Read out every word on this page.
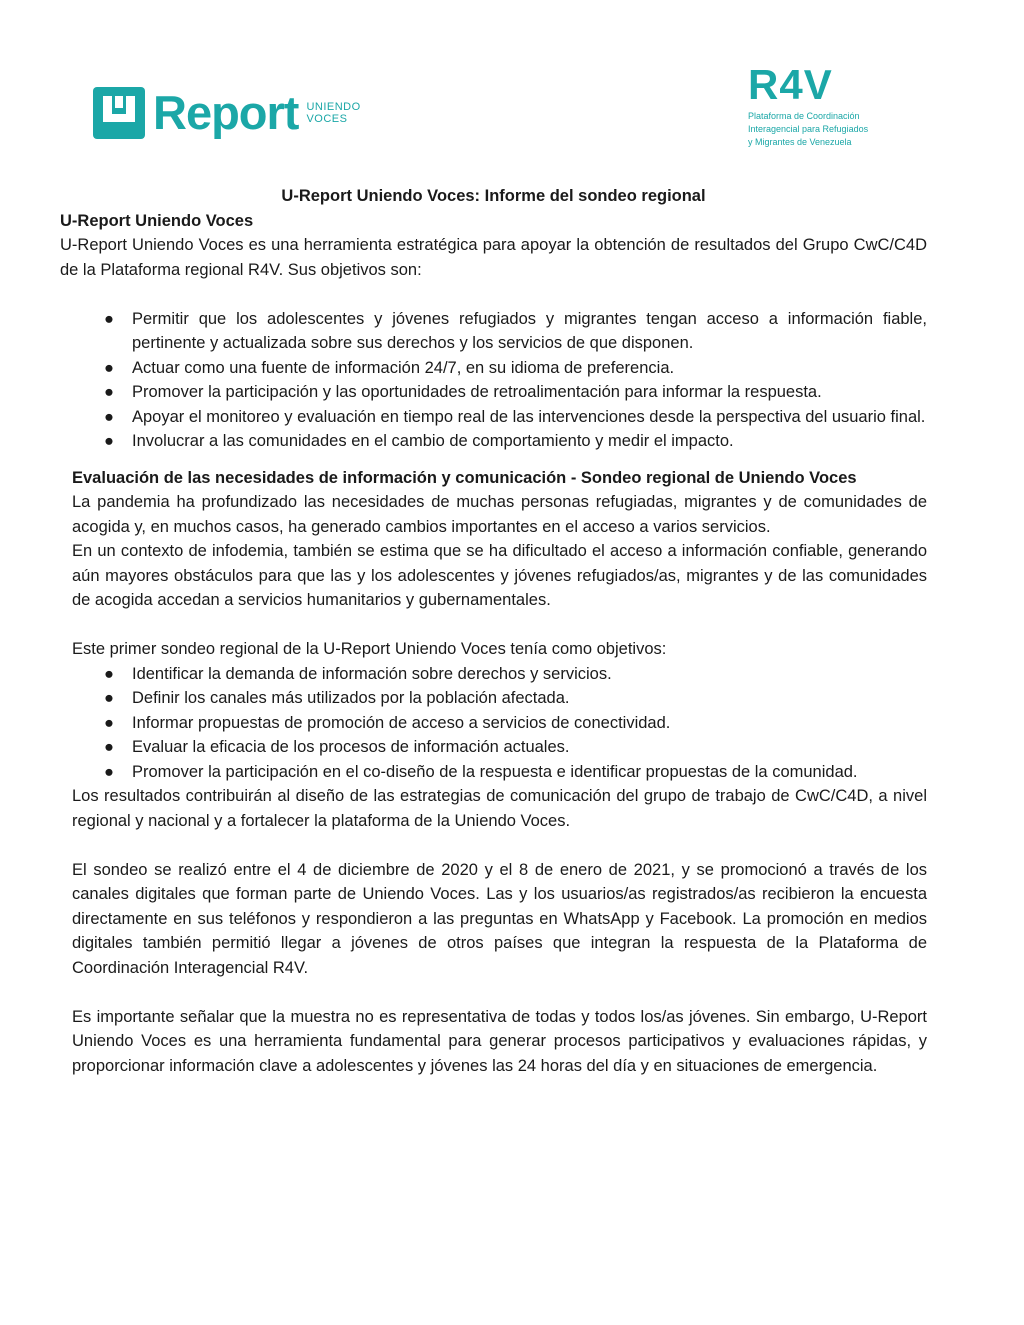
Report UNIENDO
VOCES
R4V
Plataforma de Coordinación
Interagencial para Refugiados
y Migrantes de Venezuela
U-Report Uniendo Voces: Informe del sondeo regional
U-Report Uniendo Voces

U-Report Uniendo Voces es una herramienta estratégica para apoyar la obtención de resultados del Grupo CwC/C4D de la Plataforma regional R4V. Sus objetivos son:

● Permitir que los adolescentes y jóvenes refugiados y migrantes tengan acceso a información fiable, pertinente y actualizada sobre sus derechos y los servicios de que disponen.
● Actuar como una fuente de información 24/7, en su idioma de preferencia.
● Promover la participación y las oportunidades de retroalimentación para informar la respuesta.
● Apoyar el monitoreo y evaluación en tiempo real de las intervenciones desde la perspectiva del usuario final.
● Involucrar a las comunidades en el cambio de comportamiento y medir el impacto.
Evaluación de las necesidades de información y comunicación - Sondeo regional de Uniendo Voces

La pandemia ha profundizado las necesidades de muchas personas refugiadas, migrantes y de comunidades de acogida y, en muchos casos, ha generado cambios importantes en el acceso a varios servicios.

En un contexto de infodemia, también se estima que se ha dificultado el acceso a información confiable, generando aún mayores obstáculos para que las y los adolescentes y jóvenes refugiados/as, migrantes y de las comunidades de acogida accedan a servicios humanitarios y gubernamentales.

Este primer sondeo regional de la U-Report Uniendo Voces tenía como objetivos:

● Identificar la demanda de información sobre derechos y servicios.
● Definir los canales más utilizados por la población afectada.
● Informar propuestas de promoción de acceso a servicios de conectividad.
● Evaluar la eficacia de los procesos de información actuales.
● Promover la participación en el co-diseño de la respuesta e identificar propuestas de la comunidad.

Los resultados contribuirán al diseño de las estrategias de comunicación del grupo de trabajo de CwC/C4D, a nivel regional y nacional y a fortalecer la plataforma de la Uniendo Voces.

El sondeo se realizó entre el 4 de diciembre de 2020 y el 8 de enero de 2021, y se promocionó a través de los canales digitales que forman parte de Uniendo Voces. Las y los usuarios/as registrados/as recibieron la encuesta directamente en sus teléfonos y respondieron a las preguntas en WhatsApp y Facebook. La promoción en medios digitales también permitió llegar a jóvenes de otros países que integran la respuesta de la Plataforma de Coordinación Interagencial R4V.

Es importante señalar que la muestra no es representativa de todas y todos los/as jóvenes. Sin embargo, U-Report Uniendo Voces es una herramienta fundamental para generar procesos participativos y evaluaciones rápidas, y proporcionar información clave a adolescentes y jóvenes las 24 horas del día y en situaciones de emergencia.
